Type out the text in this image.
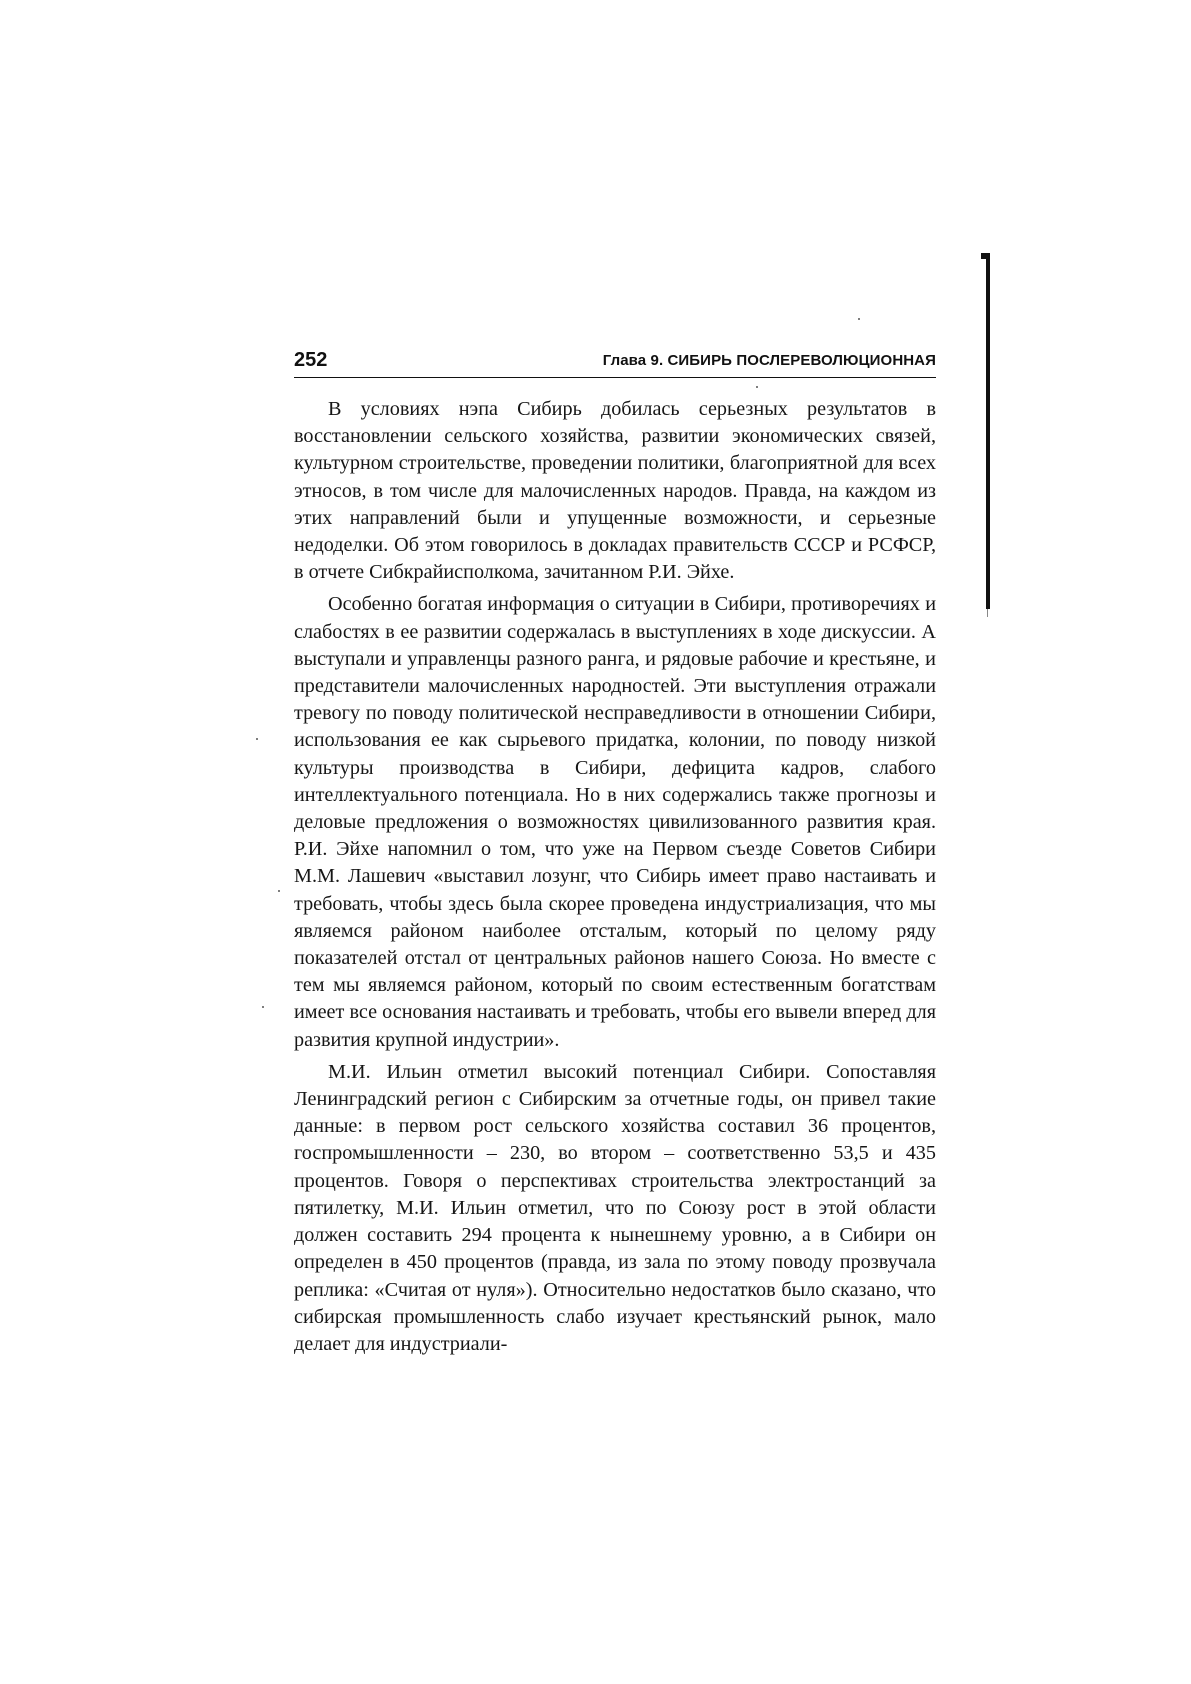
252	Глава 9. СИБИРЬ ПОСЛЕРЕВОЛЮЦИОННАЯ

В условиях нэпа Сибирь добилась серьезных результатов в восстановлении сельского хозяйства, развитии экономических связей, культурном строительстве, проведении политики, благоприятной для всех этносов, в том числе для малочисленных народов. Правда, на каждом из этих направлений были и упущенные возможности, и серьезные недоделки. Об этом говорилось в докладах правительств СССР и РСФСР, в отчете Сибкрайисполкома, зачитанном Р.И. Эйхе.

Особенно богатая информация о ситуации в Сибири, противоречиях и слабостях в ее развитии содержалась в выступлениях в ходе дискуссии. А выступали и управленцы разного ранга, и рядовые рабочие и крестьяне, и представители малочисленных народностей. Эти выступления отражали тревогу по поводу политической несправедливости в отношении Сибири, использования ее как сырьевого придатка, колонии, по поводу низкой культуры производства в Сибири, дефицита кадров, слабого интеллектуального потенциала. Но в них содержались также прогнозы и деловые предложения о возможностях цивилизованного развития края. Р.И. Эйхе напомнил о том, что уже на Первом съезде Советов Сибири М.М. Лашевич «выставил лозунг, что Сибирь имеет право настаивать и требовать, чтобы здесь была скорее проведена индустриализация, что мы являемся районом наиболее отсталым, который по целому ряду показателей отстал от центральных районов нашего Союза. Но вместе с тем мы являемся районом, который по своим естественным богатствам имеет все основания настаивать и требовать, чтобы его вывели вперед для развития крупной индустрии».

М.И. Ильин отметил высокий потенциал Сибири. Сопоставляя Ленинградский регион с Сибирским за отчетные годы, он привел такие данные: в первом рост сельского хозяйства составил 36 процентов, госпромышленности – 230, во втором – соответственно 53,5 и 435 процентов. Говоря о перспективах строительства электростанций за пятилетку, М.И. Ильин отметил, что по Союзу рост в этой области должен составить 294 процента к нынешнему уровню, а в Сибири он определен в 450 процентов (правда, из зала по этому поводу прозвучала реплика: «Считая от нуля»). Относительно недостатков было сказано, что сибирская промышленность слабо изучает крестьянский рынок, мало делает для индустриали-
